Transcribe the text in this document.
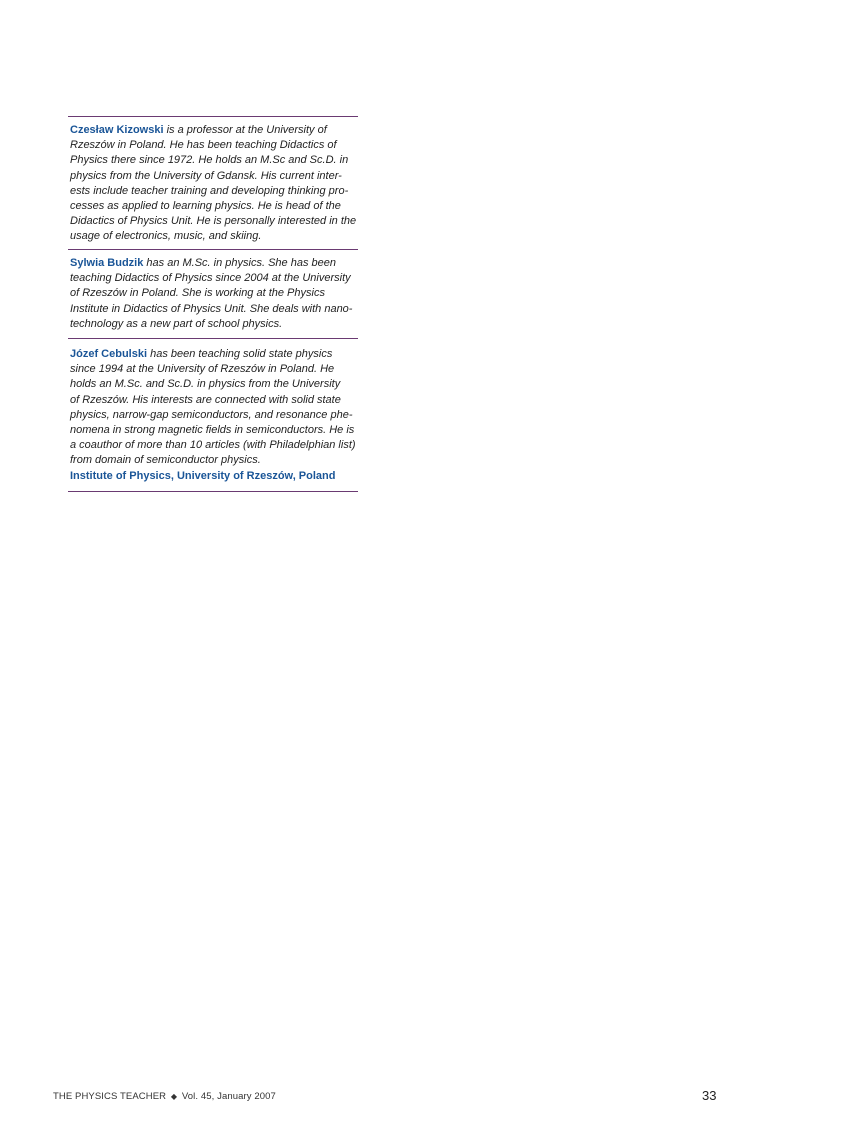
Czesław Kizowski is a professor at the University of
Rzeszów in Poland. He has been teaching Didactics of
Physics there since 1972. He holds an M.Sc and Sc.D. in
physics from the University of Gdansk. His current inter-
ests include teacher training and developing thinking pro-
cesses as applied to learning physics. He is head of the
Didactics of Physics Unit. He is personally interested in the
usage of electronics, music, and skiing.
Sylwia Budzik has an M.Sc. in physics. She has been
teaching Didactics of Physics since 2004 at the University
of Rzeszów in Poland. She is working at the Physics
Institute in Didactics of Physics Unit. She deals with nano-
technology as a new part of school physics.
Józef Cebulski has been teaching solid state physics
since 1994 at the University of Rzeszów in Poland. He
holds an M.Sc. and Sc.D. in physics from the University
of Rzeszów. His interests are connected with solid state
physics, narrow-gap semiconductors, and resonance phe-
nomena in strong magnetic fields in semiconductors. He is
a coauthor of more than 10 articles (with Philadelphian list)
from domain of semiconductor physics.
Institute of Physics, University of Rzeszów, Poland
THE PHYSICS TEACHER ◆ Vol. 45, January 2007	33
